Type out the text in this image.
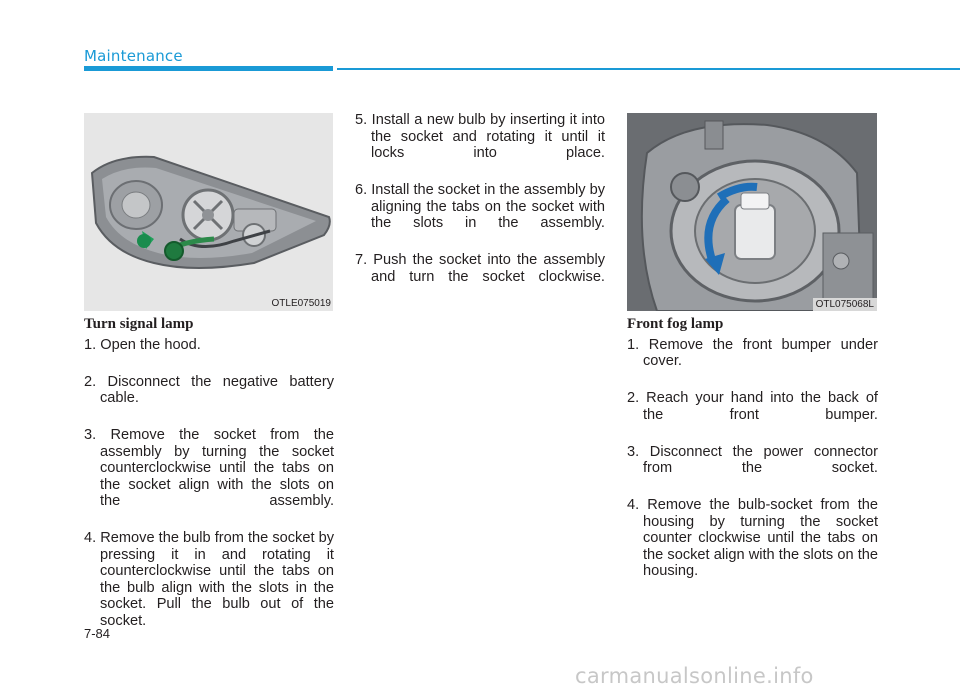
Maintenance
OTLE075019	OTL075068L
Turn signal lamp
1. Open the hood.
2. Disconnect the negative battery cable.
3. Remove the socket from the assembly by turning the socket counterclockwise until the tabs on the socket align with the slots on the assembly.
4. Remove the bulb from the socket by pressing it in and rotating it counterclockwise until the tabs on the bulb align with the slots in the socket. Pull the bulb out of the socket.
5. Install a new bulb by inserting it into the socket and rotating it until it locks into place.
6. Install the socket in the assembly by aligning the tabs on the socket with the slots in the assembly.
7. Push the socket into the assembly and turn the socket clockwise.
Front fog lamp
1. Remove the front bumper under cover.
2. Reach your hand into the back of the front bumper.
3. Disconnect the power connector from the socket.
4. Remove the bulb-socket from the housing by turning the socket counter clockwise until the tabs on the socket align with the slots on the housing.
7-84
carmanualsonline.info
